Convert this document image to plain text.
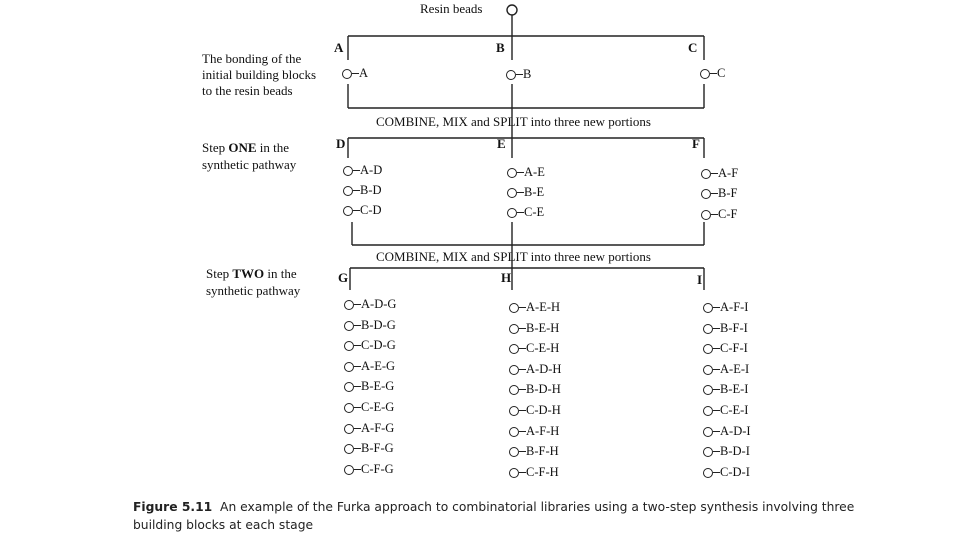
Resin beads
The bonding of the
initial building blocks
to the resin beads
A	B	C
A	B	C
COMBINE, MIX and SPLIT into three new portions
Step ONE in the
synthetic pathway
D	E	F
A-D
B-D
C-D
A-E
B-E
C-E
A-F
B-F
C-F
COMBINE, MIX and SPLIT into three new portions
Step TWO in the
synthetic pathway
G	H	I
A-D-G
B-D-G
C-D-G
A-E-G
B-E-G
C-E-G
A-F-G
B-F-G
C-F-G
A-E-H
B-E-H
C-E-H
A-D-H
B-D-H
C-D-H
A-F-H
B-F-H
C-F-H
A-F-I
B-F-I
C-F-I
A-E-I
B-E-I
C-E-I
A-D-I
B-D-I
C-D-I
Figure 5.11 An example of the Furka approach to combinatorial libraries using a two-step synthesis involving three building blocks at each stage
